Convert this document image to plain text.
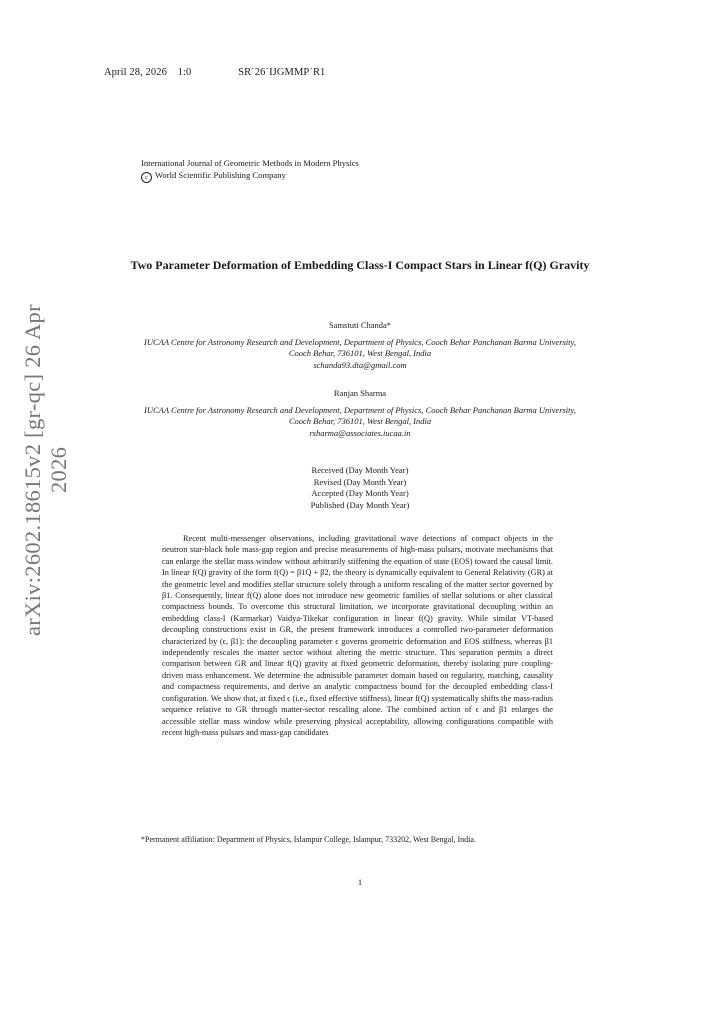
April 28, 2026 1:0	SR˙26˙IJGMMP˙R1
International Journal of Geometric Methods in Modern Physics
c World Scientific Publishing Company
arXiv:2602.18615v2 [gr-qc] 26 Apr 2026
Two Parameter Deformation of Embedding Class-I Compact Stars in Linear f(Q) Gravity
Samstuti Chanda*
IUCAA Centre for Astronomy Research and Development, Department of Physics, Cooch Behar Panchanan Barma University, Cooch Behar, 736101, West Bengal, India
schanda93.dta@gmail.com
Ranjan Sharma
IUCAA Centre for Astronomy Research and Development, Department of Physics, Cooch Behar Panchanan Barma University, Cooch Behar, 736101, West Bengal, India
rsharma@associates.iucaa.in
Received (Day Month Year)
Revised (Day Month Year)
Accepted (Day Month Year)
Published (Day Month Year)
Recent multi-messenger observations, including gravitational wave detections of compact objects in the neutron star-black hole mass-gap region and precise measurements of high-mass pulsars, motivate mechanisms that can enlarge the stellar mass window without arbitrarily stiffening the equation of state (EOS) toward the causal limit. In linear f(Q) gravity of the form f(Q) = β1Q + β2, the theory is dynamically equivalent to General Relativity (GR) at the geometric level and modifies stellar structure solely through a uniform rescaling of the matter sector governed by β1. Consequently, linear f(Q) alone does not introduce new geometric families of stellar solutions or alter classical compactness bounds. To overcome this structural limitation, we incorporate gravitational decoupling within an embedding class-I (Karmarkar) Vaidya-Tikekar configuration in linear f(Q) gravity. While similar VT-based decoupling constructions exist in GR, the present framework introduces a controlled two-parameter deformation characterized by (ϵ, β1): the decoupling parameter ϵ governs geometric deformation and EOS stiffness, whereas β1 independently rescales the matter sector without altering the metric structure. This separation permits a direct comparison between GR and linear f(Q) gravity at fixed geometric deformation, thereby isolating pure coupling-driven mass enhancement. We determine the admissible parameter domain based on regularity, matching, causality and compactness requirements, and derive an analytic compactness bound for the decoupled embedding class-I configuration. We show that, at fixed ϵ (i.e., fixed effective stiffness), linear f(Q) systematically shifts the mass-radius sequence relative to GR through matter-sector rescaling alone. The combined action of ϵ and β1 enlarges the accessible stellar mass window while preserving physical acceptability, allowing configurations compatible with recent high-mass pulsars and mass-gap candidates
*Permanent affiliation: Department of Physics, Islampur College, Islampur, 733202, West Bengal, India.
1
